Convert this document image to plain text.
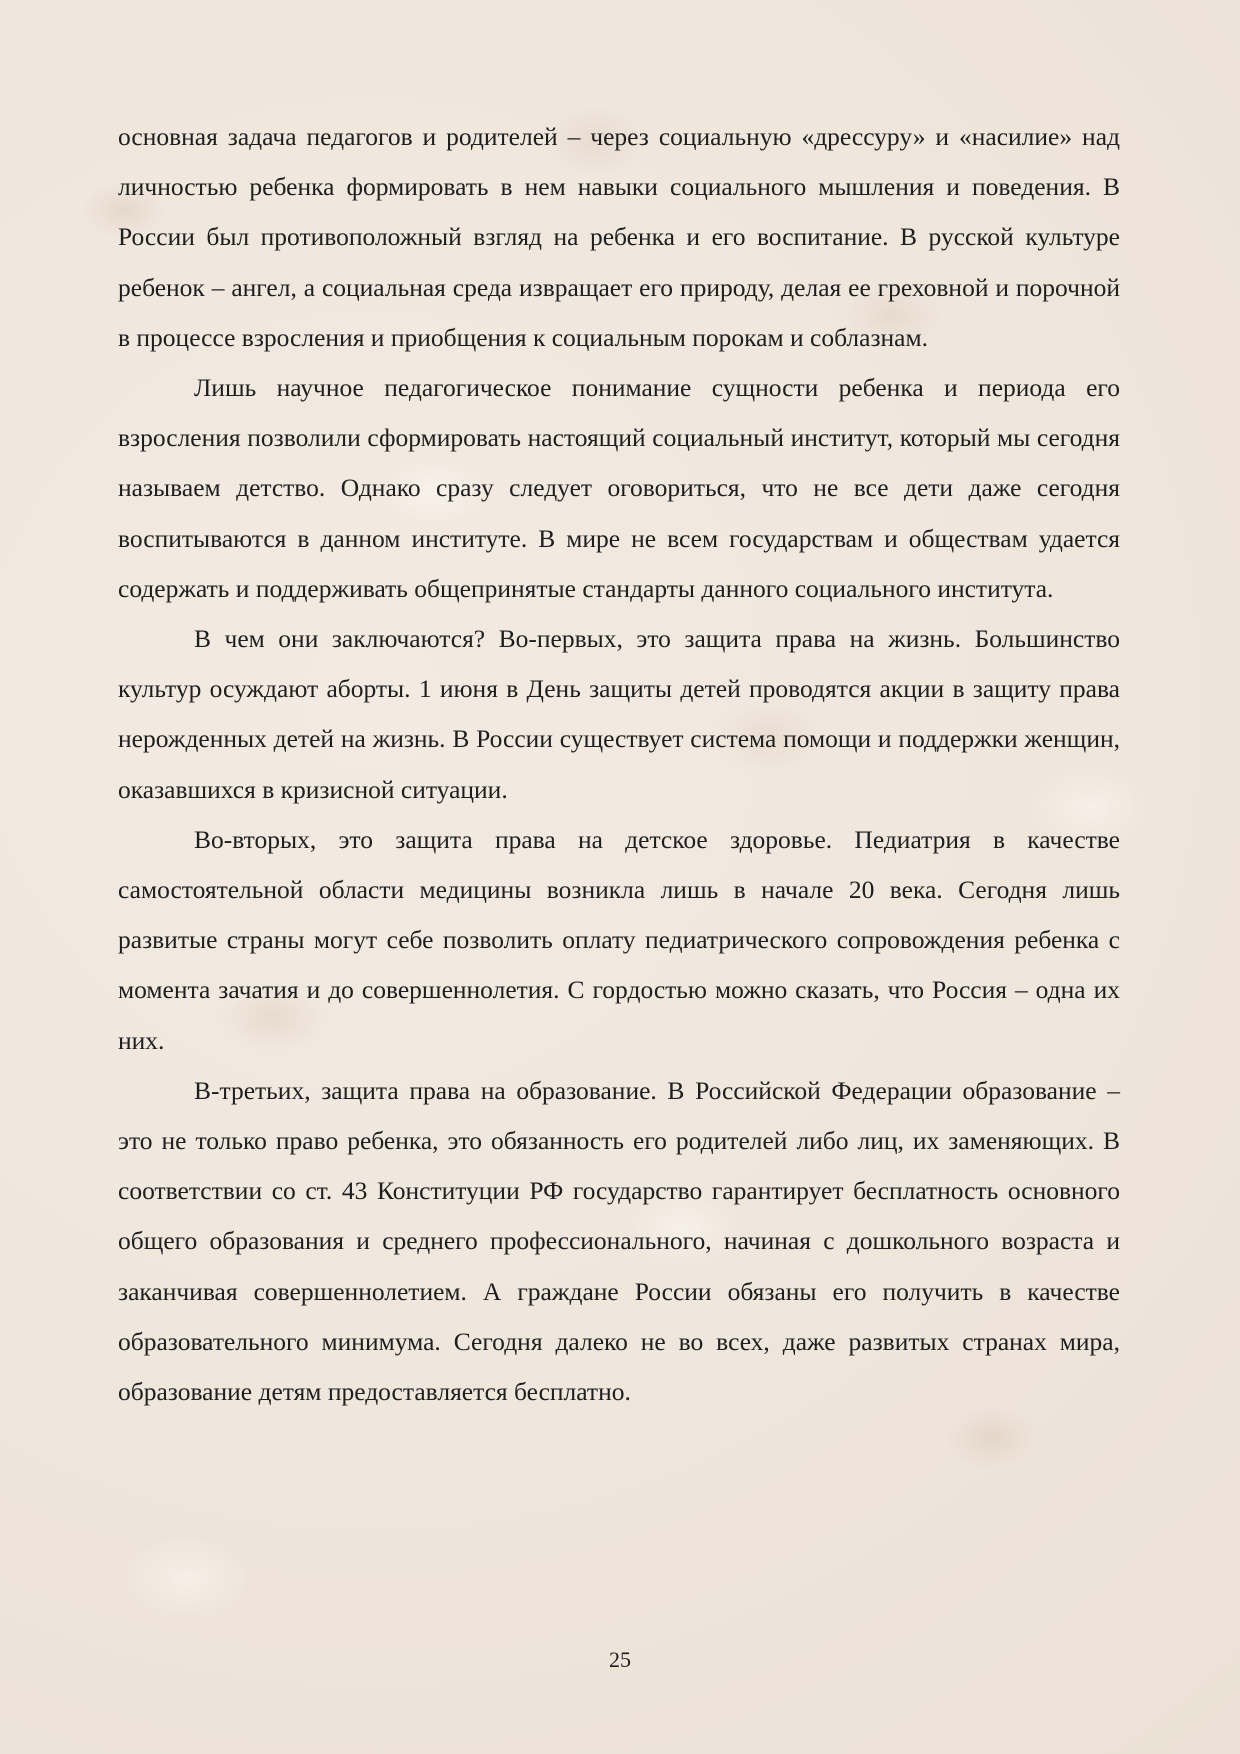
основная задача педагогов и родителей – через социальную «дрессуру» и «насилие» над личностью ребенка формировать в нем навыки социального мышления и поведения. В России был противоположный взгляд на ребенка и его воспитание. В русской культуре ребенок – ангел, а социальная среда извращает его природу, делая ее греховной и порочной в процессе взросления и приобщения к социальным порокам и соблазнам.

Лишь научное педагогическое понимание сущности ребенка и периода его взросления позволили сформировать настоящий социальный институт, который мы сегодня называем детство. Однако сразу следует оговориться, что не все дети даже сегодня воспитываются в данном институте. В мире не всем государствам и обществам удается содержать и поддерживать общепринятые стандарты данного социального института.

В чем они заключаются? Во-первых, это защита права на жизнь. Большинство культур осуждают аборты. 1 июня в День защиты детей проводятся акции в защиту права нерожденных детей на жизнь. В России существует система помощи и поддержки женщин, оказавшихся в кризисной ситуации.

Во-вторых, это защита права на детское здоровье. Педиатрия в качестве самостоятельной области медицины возникла лишь в начале 20 века. Сегодня лишь развитые страны могут себе позволить оплату педиатрического сопровождения ребенка с момента зачатия и до совершеннолетия. С гордостью можно сказать, что Россия – одна их них.

В-третьих, защита права на образование. В Российской Федерации образование – это не только право ребенка, это обязанность его родителей либо лиц, их заменяющих. В соответствии со ст. 43 Конституции РФ государство гарантирует бесплатность основного общего образования и среднего профессионального, начиная с дошкольного возраста и заканчивая совершеннолетием. А граждане России обязаны его получить в качестве образовательного минимума. Сегодня далеко не во всех, даже развитых странах мира, образование детям предоставляется бесплатно.

25
